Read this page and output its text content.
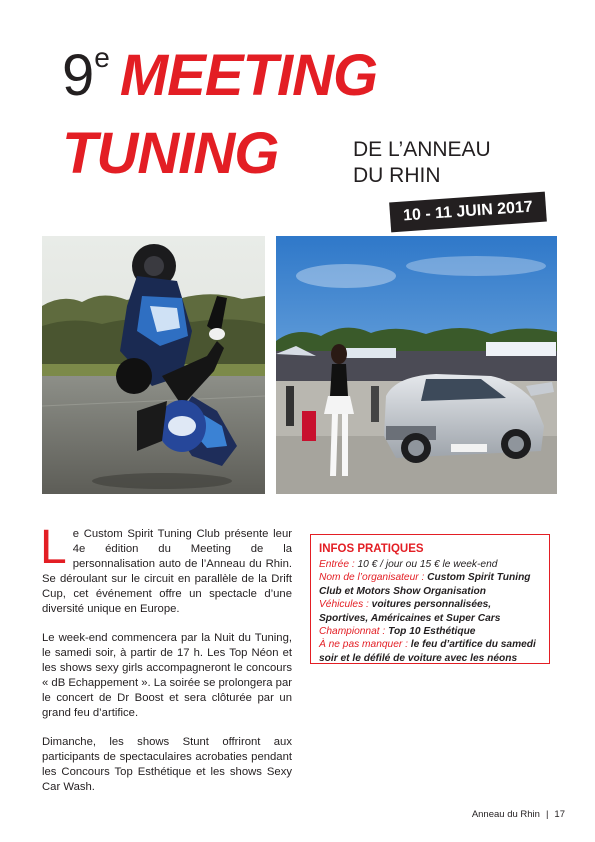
9e MEETING
TUNING	DE L’ANNEAU
DU RHIN
10 - 11 JUIN 2017

Le Custom Spirit Tuning Club présente leur 4e édition du Meeting de la personnalisation auto de l’Anneau du Rhin. Se déroulant sur le circuit en parallèle de la Drift Cup, cet événement offre un spectacle d’une diversité unique en Europe.

Le week-end commencera par la Nuit du Tuning, le samedi soir, à partir de 17 h. Les Top Néon et les shows sexy girls accompagneront le concours « dB Echappement ». La soirée se prolongera par le concert de Dr Boost et sera clôturée par un grand feu d’artifice.

Dimanche, les shows Stunt offriront aux participants de spectaculaires acrobaties pendant les Concours Top Esthétique et les shows Sexy Car Wash.

INFOS PRATIQUES
Entrée : 10 € / jour ou 15 € le week-end
Nom de l’organisateur : Custom Spirit Tuning Club et Motors Show Organisation
Véhicules : voitures personnalisées, Sportives, Américaines et Super Cars
Championnat : Top 10 Esthétique
À ne pas manquer : le feu d’artifice du samedi soir et le défilé de voiture avec les néons
Anneau du Rhin | 17
